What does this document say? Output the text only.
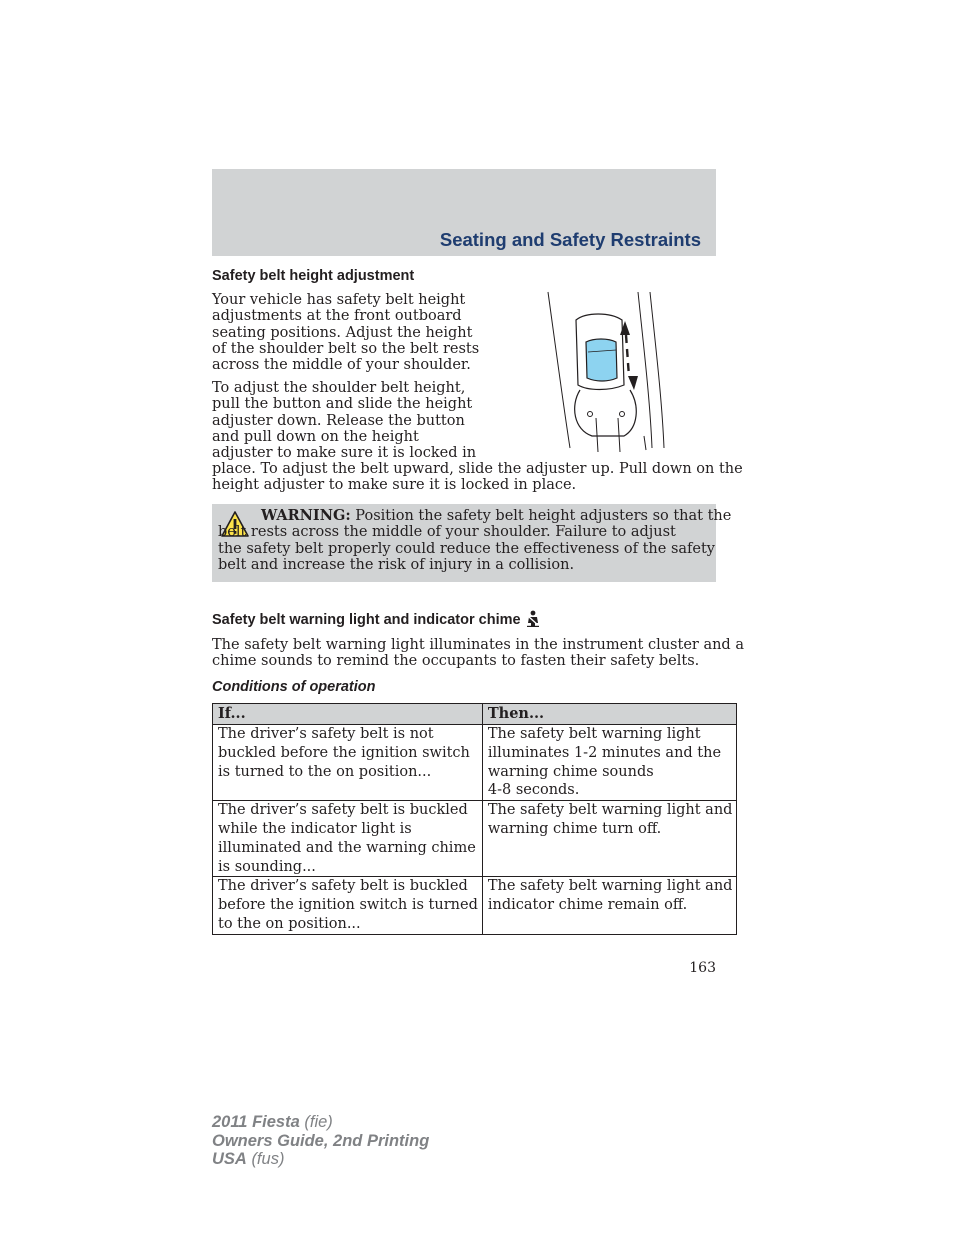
Seating and Safety Restraints
Safety belt height adjustment

Your vehicle has safety belt height
adjustments at the front outboard
seating positions. Adjust the height
of the shoulder belt so the belt rests
across the middle of your shoulder.

To adjust the shoulder belt height,
pull the button and slide the height
adjuster down. Release the button
and pull down on the height
adjuster to make sure it is locked in

place. To adjust the belt upward, slide the adjuster up. Pull down on the
height adjuster to make sure it is locked in place.

WARNING: Position the safety belt height adjusters so that the
belt rests across the middle of your shoulder. Failure to adjust
the safety belt properly could reduce the effectiveness of the safety
belt and increase the risk of injury in a collision.

Safety belt warning light and indicator chime

The safety belt warning light illuminates in the instrument cluster and a
chime sounds to remind the occupants to fasten their safety belts.

Conditions of operation
If...	Then...

The driver’s safety belt is not
buckled before the ignition switch
is turned to the on position...	The safety belt warning light
illuminates 1-2 minutes and the
warning chime sounds
4-8 seconds.

The driver’s safety belt is buckled
while the indicator light is
illuminated and the warning chime
is sounding...	The safety belt warning light and
warning chime turn off.

The driver’s safety belt is buckled
before the ignition switch is turned
to the on position...	The safety belt warning light and
indicator chime remain off.
163
2011 Fiesta (fie)
Owners Guide, 2nd Printing
USA (fus)
